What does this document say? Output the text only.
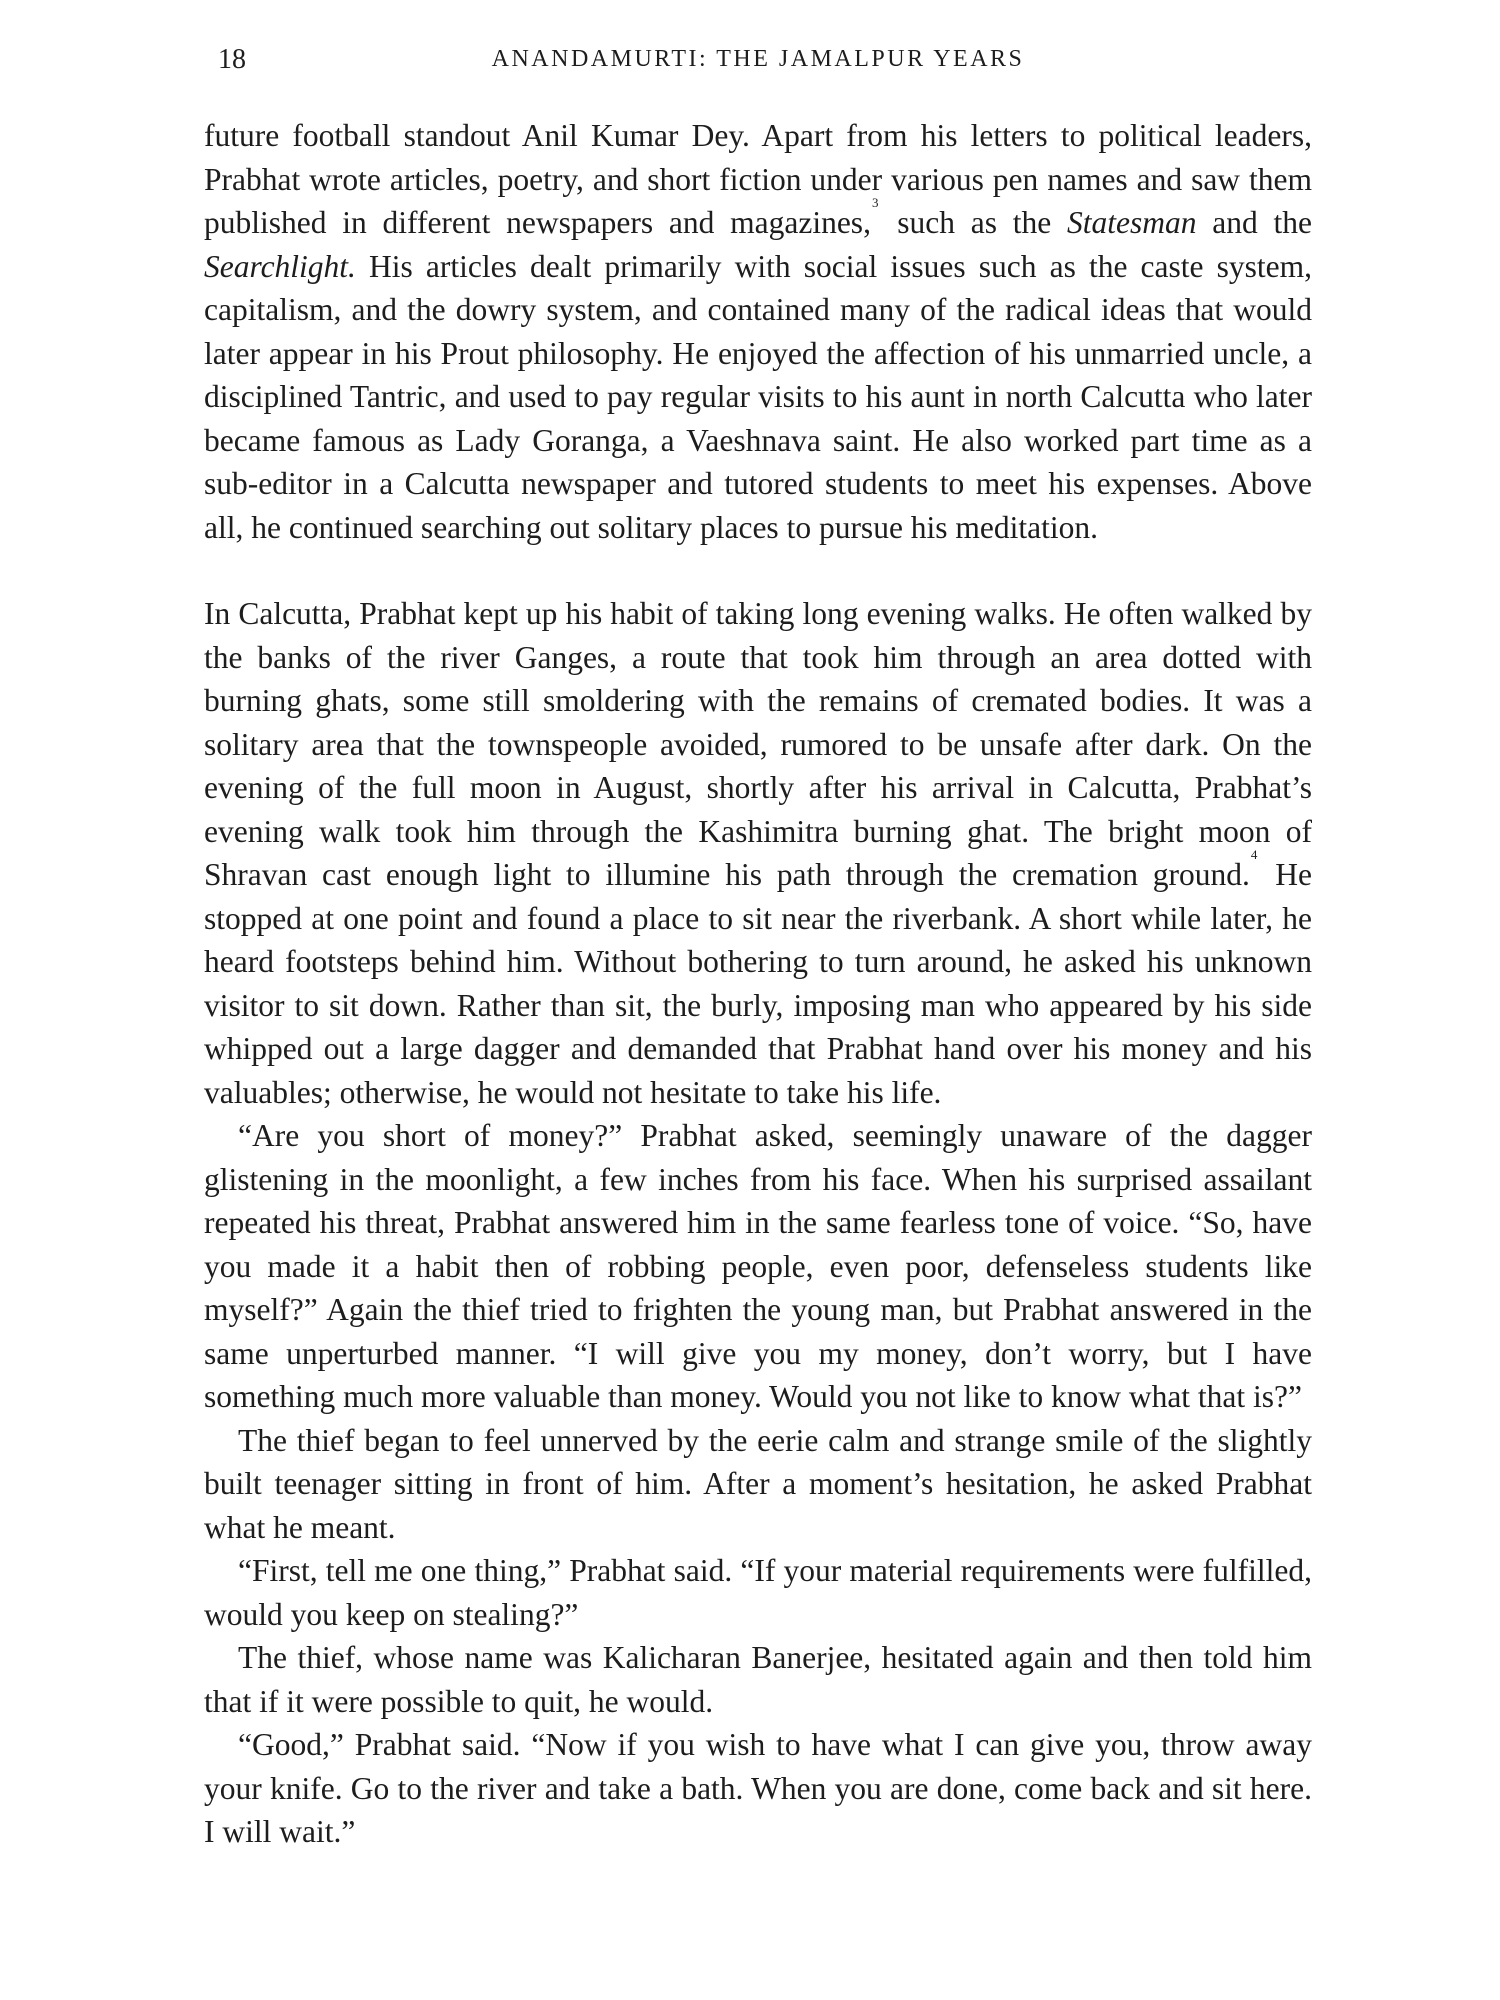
18	ANANDAMURTI: THE JAMALPUR YEARS

future football standout Anil Kumar Dey. Apart from his letters to political leaders, Prabhat wrote articles, poetry, and short fiction under various pen names and saw them published in different newspapers and magazines,$^3$ such as the Statesman and the Searchlight. His articles dealt primarily with social issues such as the caste system, capitalism, and the dowry system, and contained many of the radical ideas that would later appear in his Prout philosophy. He enjoyed the affection of his unmarried uncle, a disciplined Tantric, and used to pay regular visits to his aunt in north Calcutta who later became famous as Lady Goranga, a Vaeshnava saint. He also worked part time as a sub-editor in a Calcutta newspaper and tutored students to meet his expenses. Above all, he continued searching out solitary places to pursue his meditation.

In Calcutta, Prabhat kept up his habit of taking long evening walks. He often walked by the banks of the river Ganges, a route that took him through an area dotted with burning ghats, some still smoldering with the remains of cremated bodies. It was a solitary area that the townspeople avoided, rumored to be unsafe after dark. On the evening of the full moon in August, shortly after his arrival in Calcutta, Prabhat’s evening walk took him through the Kashimitra burning ghat. The bright moon of Shravan cast enough light to illumine his path through the cremation ground.$^4$ He stopped at one point and found a place to sit near the riverbank. A short while later, he heard footsteps behind him. Without bothering to turn around, he asked his unknown visitor to sit down. Rather than sit, the burly, imposing man who appeared by his side whipped out a large dagger and demanded that Prabhat hand over his money and his valuables; otherwise, he would not hesitate to take his life.

“Are you short of money?” Prabhat asked, seemingly unaware of the dagger glistening in the moonlight, a few inches from his face. When his surprised assailant repeated his threat, Prabhat answered him in the same fearless tone of voice. “So, have you made it a habit then of robbing people, even poor, defenseless students like myself?” Again the thief tried to frighten the young man, but Prabhat answered in the same unperturbed manner. “I will give you my money, don’t worry, but I have something much more valuable than money. Would you not like to know what that is?”

The thief began to feel unnerved by the eerie calm and strange smile of the slightly built teenager sitting in front of him. After a moment’s hesitation, he asked Prabhat what he meant.

“First, tell me one thing,” Prabhat said. “If your material requirements were fulfilled, would you keep on stealing?”

The thief, whose name was Kalicharan Banerjee, hesitated again and then told him that if it were possible to quit, he would.

“Good,” Prabhat said. “Now if you wish to have what I can give you, throw away your knife. Go to the river and take a bath. When you are done, come back and sit here. I will wait.”
